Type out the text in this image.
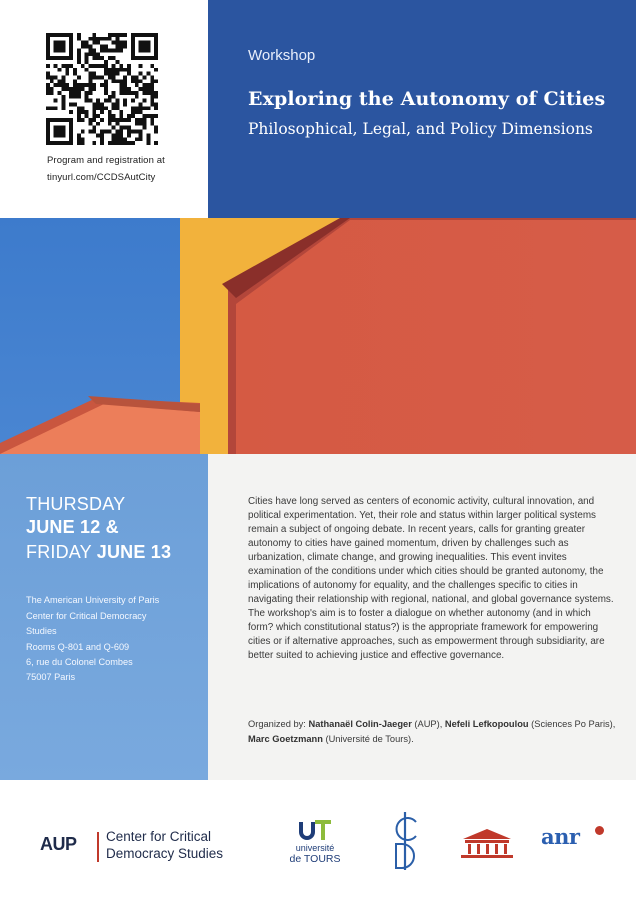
Program and registration at
tinyurl.com/CCDSAutCity
Workshop
Exploring the Autonomy of Cities
Philosophical, Legal, and Policy Dimensions
THURSDAY
JUNE 12 &
FRIDAY JUNE 13
The American University of Paris
Center for Critical Democracy
Studies
Rooms Q-801 and Q-609
6, rue du Colonel Combes
75007 Paris

Cities have long served as centers of economic activity, cultural innovation, and political experimentation. Yet, their role and status within larger political systems remain a subject of ongoing debate. In recent years, calls for granting greater autonomy to cities have gained momentum, driven by challenges such as urbanization, climate change, and growing inequalities. This event invites examination of the conditions under which cities should be granted autonomy, the implications of autonomy for equality, and the challenges specific to cities in navigating their relationship with regional, national, and global governance systems. The workshop's aim is to foster a dialogue on whether autonomy (and in which form? which constitutional status?) is the appropriate framework for empowering cities or if alternative approaches, such as empowerment through subsidiarity, are better suited to achieving justice and effective governance.

Organized by: Nathanaël Colin-Jaeger (AUP), Nefeli Lefkopoulou (Sciences Po Paris), Marc Goetzmann (Université de Tours).

AUP Center for Critical
Democracy Studies	université
de TOURS
anr
